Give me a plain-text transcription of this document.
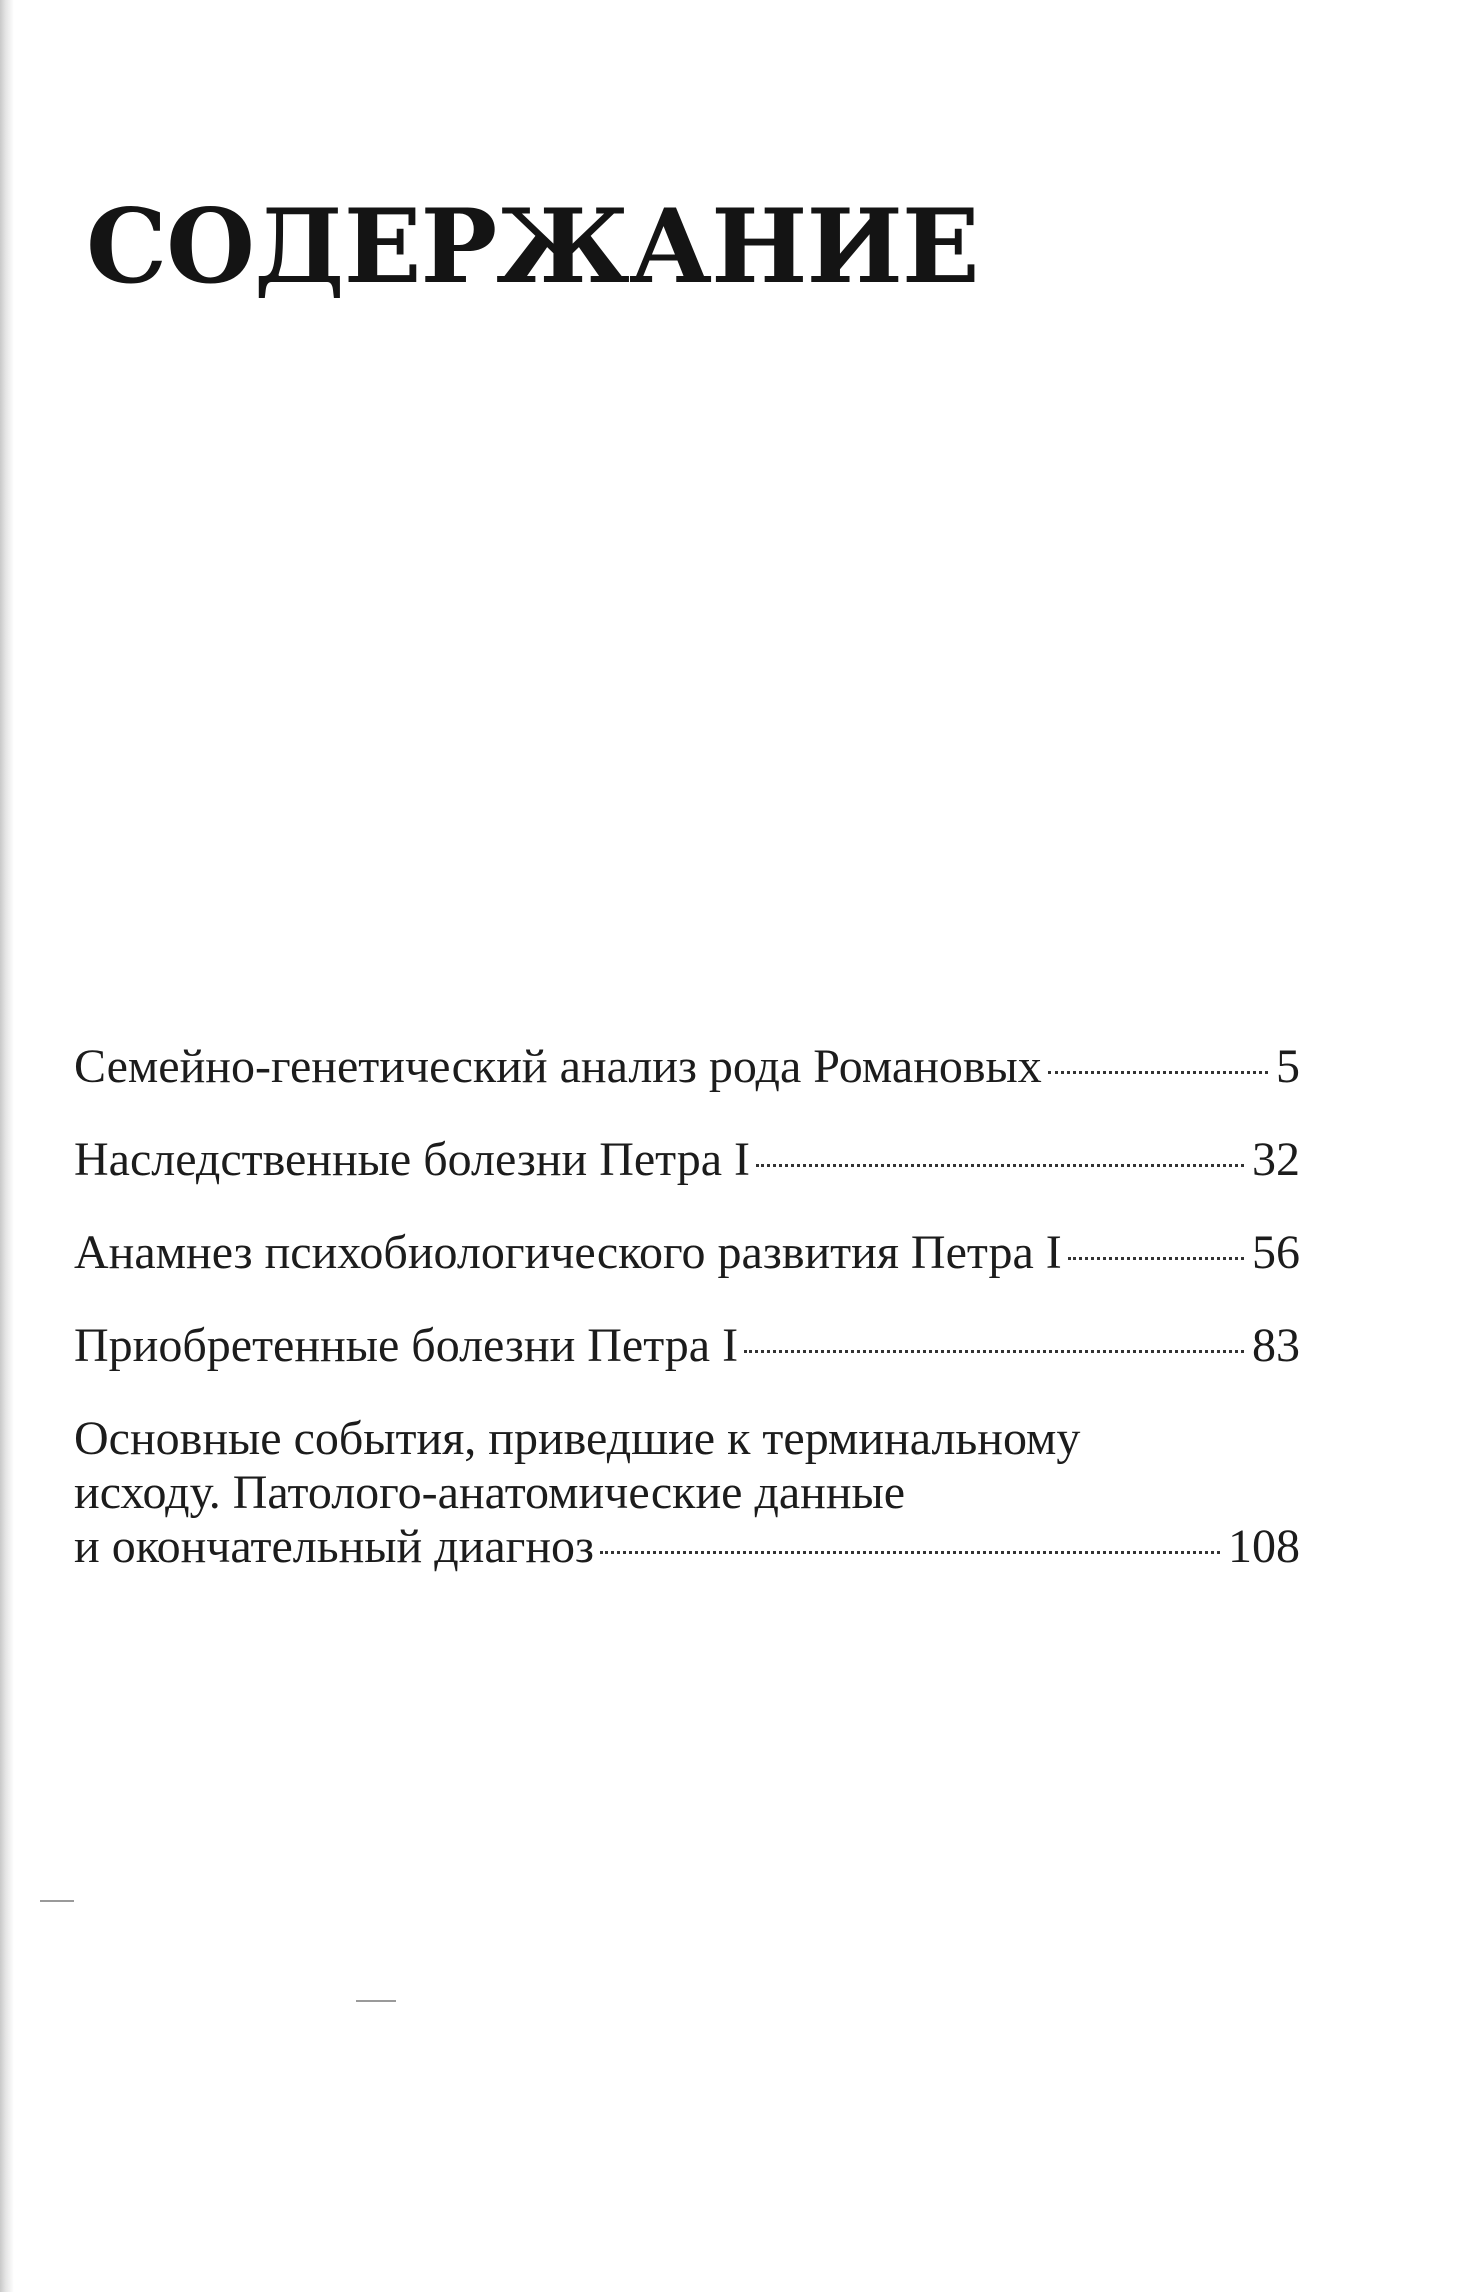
СОДЕРЖАНИЕ
Семейно-генетический анализ рода Романовых	5
Наследственные болезни Петра I	32
Анамнез психобиологического развития Петра I	56
Приобретенные болезни Петра I	83
Основные события, приведшие к терминальному
исходу. Патолого-анатомические данные
и окончательный диагноз	108
